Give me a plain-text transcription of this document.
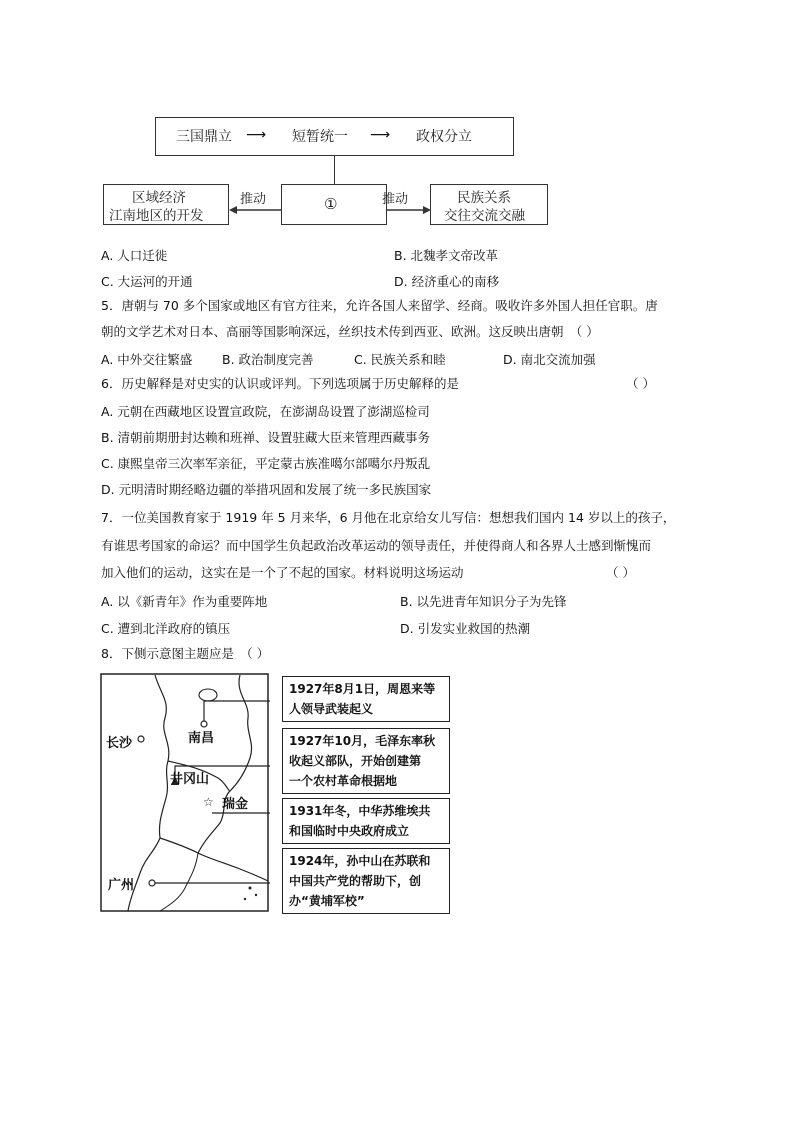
三国鼎立 ⟶ 短暂统一 ⟶ 政权分立
区域经济
江南地区的开发
①	民族关系
交往交流交融
推动	推动
A. 人口迁徙	B. 北魏孝文帝改革
C. 大运河的开通	D. 经济重心的南移
5．唐朝与 70 多个国家或地区有官方往来，允许各国人来留学、经商。吸收许多外国人担任官职。唐
朝的文学艺术对日本、高丽等国影响深远，丝织技术传到西亚、欧洲。这反映出唐朝　（ ）
A. 中外交往繁盛 B. 政治制度完善	C. 民族关系和睦	D. 南北交流加强
6．历史解释是对史实的认识或评判。下列选项属于历史解释的是	（ ）
A. 元朝在西藏地区设置宣政院，在澎湖岛设置了澎湖巡检司
B. 清朝前期册封达赖和班禅、设置驻藏大臣来管理西藏事务
C. 康熙皇帝三次率军亲征，平定蒙古族准噶尔部噶尔丹叛乱
D. 元明清时期经略边疆的举措巩固和发展了统一多民族国家
7．一位美国教育家于 1919 年 5 月来华，6 月他在北京给女儿写信：想想我们国内 14 岁以上的孩子，
有谁思考国家的命运？而中国学生负起政治改革运动的领导责任，并使得商人和各界人士感到惭愧而
加入他们的运动，这实在是一个了不起的国家。材料说明这场运动	（ ）
A. 以《新青年》作为重要阵地	B. 以先进青年知识分子为先锋
C. 遭到北洋政府的镇压	D. 引发实业救国的热潮
8．下侧示意图主题应是　（ ）
☆
长沙	南昌
井冈山
瑞金
广州
1927年8月1日，周恩来等
人领导武装起义
1927年10月，毛泽东率秋
收起义部队，开始创建第
一个农村革命根据地
1931年冬，中华苏维埃共
和国临时中央政府成立
1924年，孙中山在苏联和
中国共产党的帮助下，创
办“黄埔军校”
